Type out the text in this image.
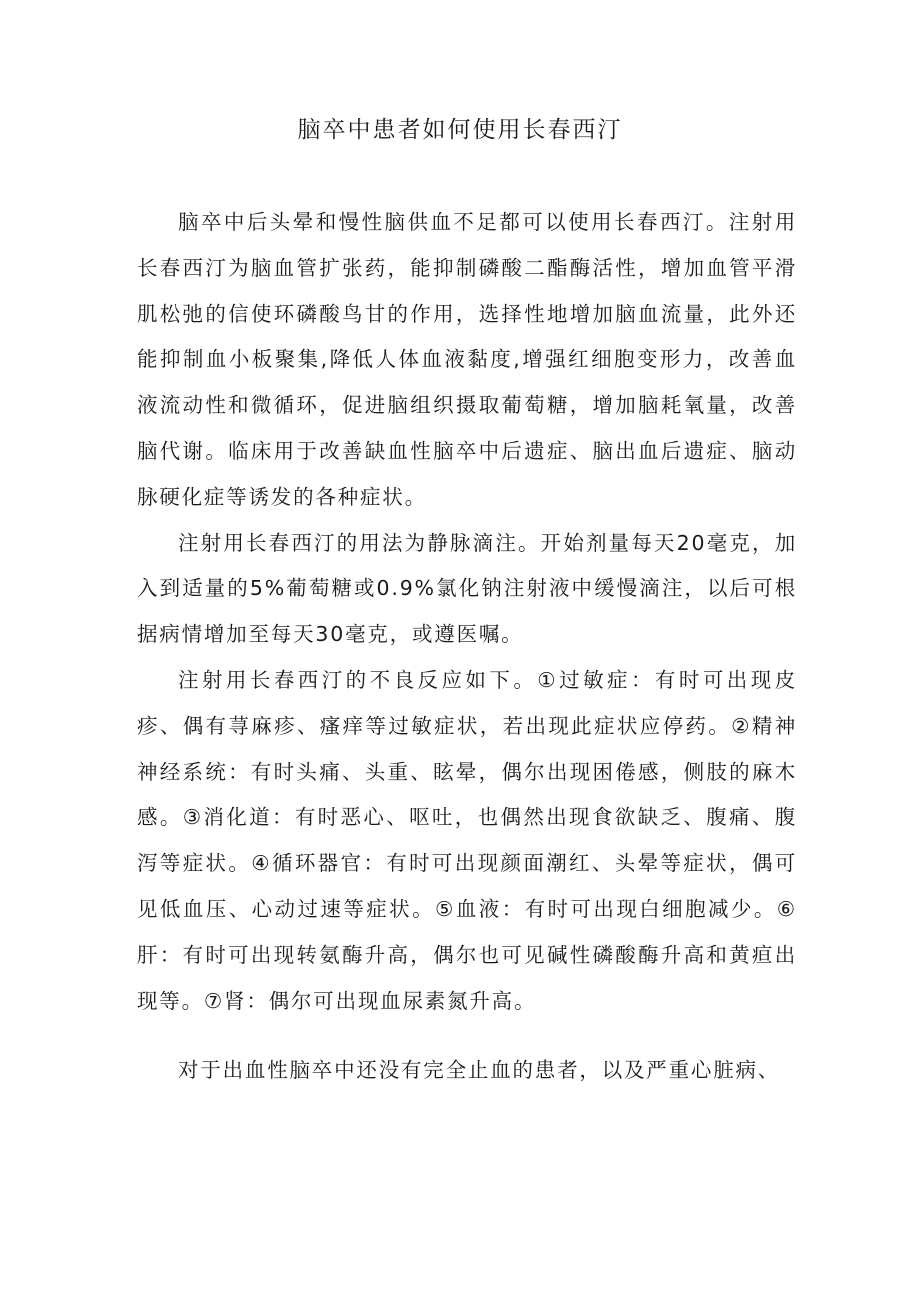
脑卒中患者如何使用长春西汀

脑卒中后头晕和慢性脑供血不足都可以使用长春西汀。注射用长春西汀为脑血管扩张药，能抑制磷酸二酯酶活性，增加血管平滑肌松弛的信使环磷酸鸟甘的作用，选择性地增加脑血流量，此外还能抑制血小板聚集,降低人体血液黏度,增强红细胞变形力，改善血液流动性和微循环，促进脑组织摄取葡萄糖，增加脑耗氧量，改善脑代谢。临床用于改善缺血性脑卒中后遗症、脑出血后遗症、脑动脉硬化症等诱发的各种症状。

注射用长春西汀的用法为静脉滴注。开始剂量每天20毫克，加入到适量的5%葡萄糖或0.9%氯化钠注射液中缓慢滴注，以后可根据病情增加至每天30毫克，或遵医嘱。

注射用长春西汀的不良反应如下。①过敏症：有时可出现皮疹、偶有荨麻疹、瘙痒等过敏症状，若出现此症状应停药。②精神神经系统：有时头痛、头重、眩晕，偶尔出现困倦感，侧肢的麻木感。③消化道：有时恶心、呕吐，也偶然出现食欲缺乏、腹痛、腹泻等症状。④循环器官：有时可出现颜面潮红、头晕等症状，偶可见低血压、心动过速等症状。⑤血液：有时可出现白细胞减少。⑥肝：有时可出现转氨酶升高，偶尔也可见碱性磷酸酶升高和黄疸出现等。⑦肾：偶尔可出现血尿素氮升高。

对于出血性脑卒中还没有完全止血的患者，以及严重心脏病、
